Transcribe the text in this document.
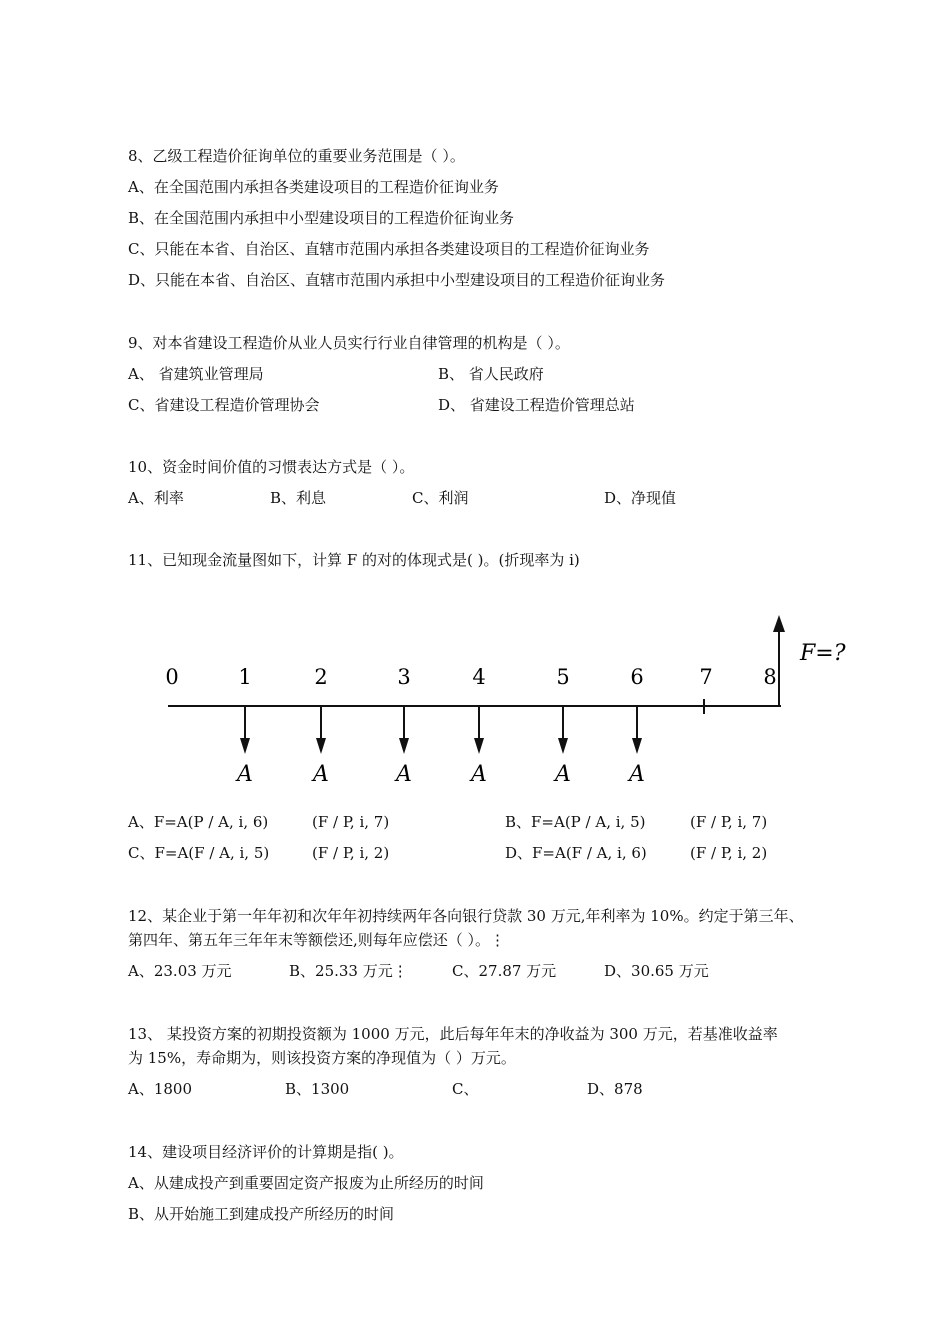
8、乙级工程造价征询单位的重要业务范围是（ ）。
A、在全国范围内承担各类建设项目的工程造价征询业务
B、在全国范围内承担中小型建设项目的工程造价征询业务
C、只能在本省、自治区、直辖市范围内承担各类建设项目的工程造价征询业务
D、只能在本省、自治区、直辖市范围内承担中小型建设项目的工程造价征询业务
9、对本省建设工程造价从业人员实行行业自律管理的机构是（ ）。
A、 省建筑业管理局	B、 省人民政府
C、省建设工程造价管理协会	D、 省建设工程造价管理总站
10、资金时间价值的习惯表达方式是（ ）。
A、利率	B、利息	C、利润	D、净现值
11、已知现金流量图如下，计算 F 的对的体现式是( )。(折现率为 i)
0	1	2	3	4	5	6	7 8
A	A	A	A	A	A
F=?
A、F=A(P / A, i, 6)	(F / P, i, 7)	B、F=A(P / A, i, 5)	(F / P, i, 7)
C、F=A(F / A, i, 5)	(F / P, i, 2)	D、F=A(F / A, i, 6)	(F / P, i, 2)
12、某企业于第一年年初和次年年初持续两年各向银行贷款 30 万元,年利率为 10%。约定于第三年、
第四年、第五年三年年末等额偿还,则每年应偿还（ ）。⋮
A、23.03 万元	B、25.33 万元⋮	C、27.87 万元	D、30.65 万元
13、 某投资方案的初期投资额为 1000 万元，此后每年年末的净收益为 300 万元，若基准收益率
为 15%，寿命期为，则该投资方案的净现值为（ ）万元。
A、1800	B、1300	C、	D、878
14、建设项目经济评价的计算期是指( )。
A、从建成投产到重要固定资产报废为止所经历的时间
B、从开始施工到建成投产所经历的时间
